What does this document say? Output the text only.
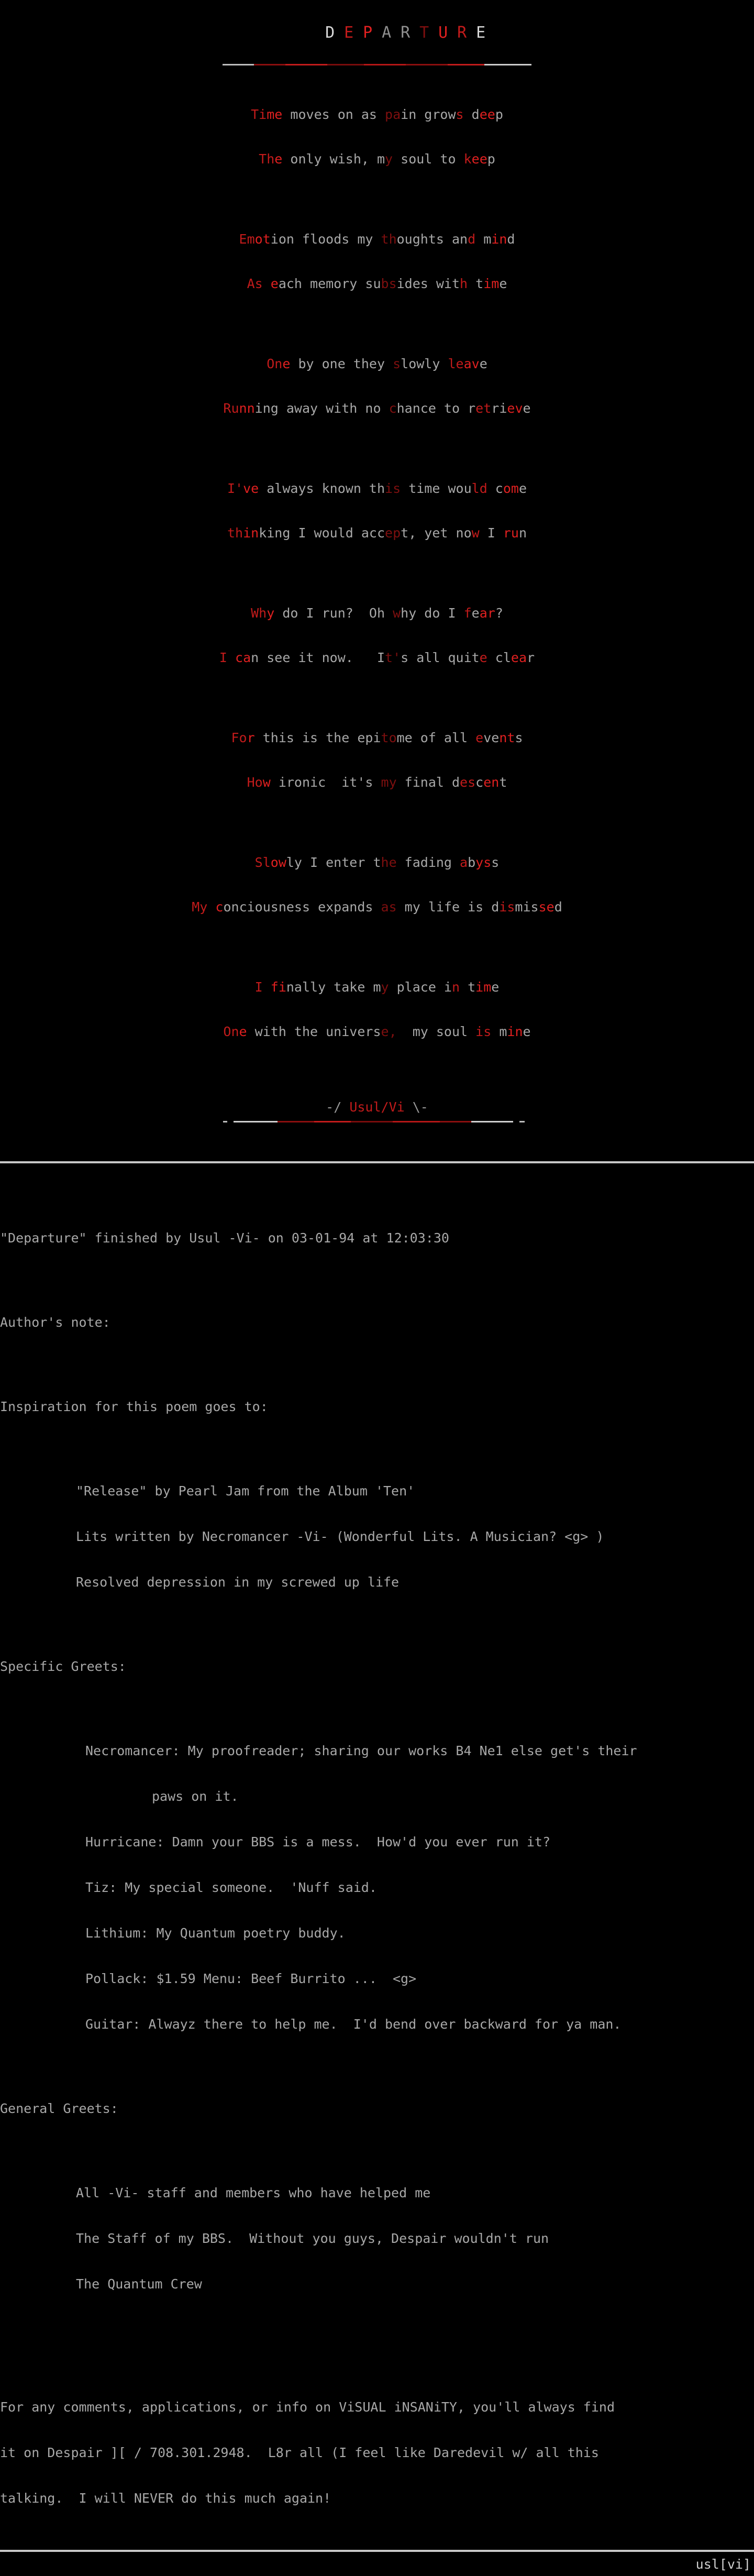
D E P A R T U R E

Time moves on as pain grows deep

The only wish, my soul to keep

Emotion floods my thoughts and mind

As each memory subsides with time

One by one they slowly leave

Running away with no chance to retrieve

I've always known this time would come

thinking I would accept, yet now I run

Why do I run?  Oh why do I fear?

I can see it now.   It's all quite clear

For this is the epitome of all events

How ironic  it's my final descent

Slowly I enter the fading abyss

My conciousness expands as my life is dismissed

I finally take my place in time

One with the universe,  my soul is mine

-/ Usul/Vi \-

"Departure" finished by Usul -Vi- on 03-01-94 at 12:03:30

Author's note:

Inspiration for this poem goes to:

"Release" by Pearl Jam from the Album 'Ten'

Lits written by Necromancer -Vi- (Wonderful Lits. A Musician? <g> )

Resolved depression in my screwed up life

Specific Greets:

Necromancer: My proofreader; sharing our works B4 Ne1 else get's their

paws on it.

Hurricane: Damn your BBS is a mess.  How'd you ever run it?

Tiz: My special someone.  'Nuff said.

Lithium: My Quantum poetry buddy.

Pollack: $1.59 Menu: Beef Burrito ...  <g>

Guitar: Alwayz there to help me.  I'd bend over backward for ya man.

General Greets:

All -Vi- staff and members who have helped me

The Staff of my BBS.  Without you guys, Despair wouldn't run

The Quantum Crew

For any comments, applications, or info on ViSUAL iNSANiTY, you'll always find

it on Despair ][ / 708.301.2948.  L8r all (I feel like Daredevil w/ all this

talking.  I will NEVER do this much again!

usl[vi]
